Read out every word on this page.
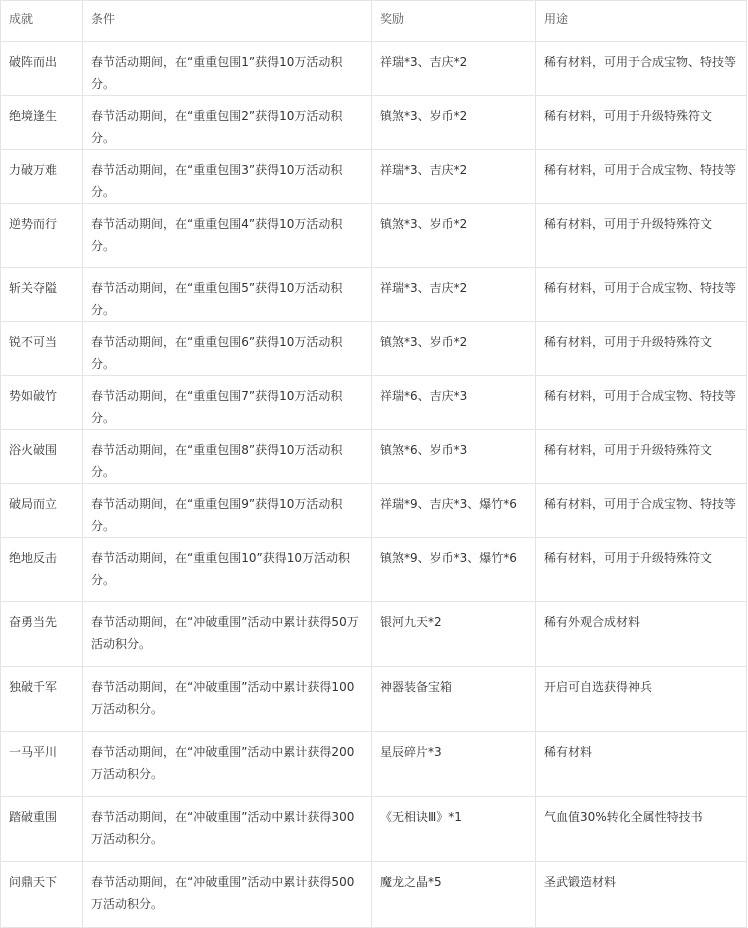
成就	条件	奖励	用途
破阵而出	春节活动期间，在“重重包围1”获得10万活动积分。	祥瑞*3、吉庆*2	稀有材料，可用于合成宝物、特技等
绝境逢生	春节活动期间，在“重重包围2”获得10万活动积分。	镇煞*3、岁币*2	稀有材料，可用于升级特殊符文
力破万难	春节活动期间，在“重重包围3”获得10万活动积分。	祥瑞*3、吉庆*2	稀有材料，可用于合成宝物、特技等
逆势而行	春节活动期间，在“重重包围4”获得10万活动积分。	镇煞*3、岁币*2	稀有材料，可用于升级特殊符文
斩关夺隘	春节活动期间，在“重重包围5”获得10万活动积分。	祥瑞*3、吉庆*2	稀有材料，可用于合成宝物、特技等
锐不可当	春节活动期间，在“重重包围6”获得10万活动积分。	镇煞*3、岁币*2	稀有材料，可用于升级特殊符文
势如破竹	春节活动期间，在“重重包围7”获得10万活动积分。	祥瑞*6、吉庆*3	稀有材料，可用于合成宝物、特技等
浴火破围	春节活动期间，在“重重包围8”获得10万活动积分。	镇煞*6、岁币*3	稀有材料，可用于升级特殊符文
破局而立	春节活动期间，在“重重包围9”获得10万活动积分。	祥瑞*9、吉庆*3、爆竹*6	稀有材料，可用于合成宝物、特技等
绝地反击	春节活动期间，在“重重包围10”获得10万活动积分。	镇煞*9、岁币*3、爆竹*6	稀有材料，可用于升级特殊符文
奋勇当先	春节活动期间，在“冲破重围”活动中累计获得50万活动积分。	银河九天*2	稀有外观合成材料
独破千军	春节活动期间，在“冲破重围”活动中累计获得100万活动积分。	神器装备宝箱	开启可自选获得神兵
一马平川	春节活动期间，在“冲破重围”活动中累计获得200万活动积分。	星辰碎片*3	稀有材料
踏破重围	春节活动期间，在“冲破重围”活动中累计获得300万活动积分。	《无相诀Ⅲ》*1	气血值30%转化全属性特技书
问鼎天下	春节活动期间，在“冲破重围”活动中累计获得500万活动积分。	魔龙之晶*5	圣武锻造材料
